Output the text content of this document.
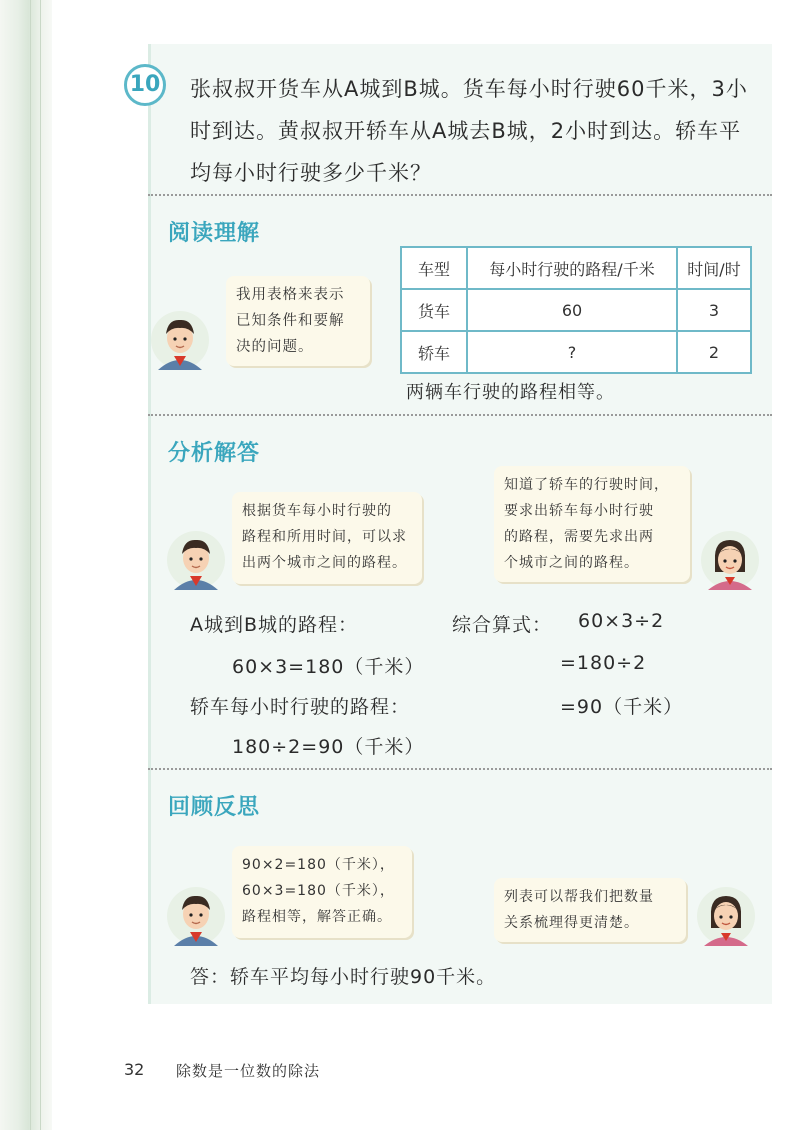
10 张叔叔开货车从A城到B城。货车每小时行驶60千米，3小
时到达。黄叔叔开轿车从A城去B城，2小时到达。轿车平
均每小时行驶多少千米？
阅读理解
我用表格来表示
已知条件和要解
决的问题。
车型	每小时行驶的路程/千米	时间/时
货车	60	3
轿车	?	2
两辆车行驶的路程相等。
分析解答
根据货车每小时行驶的
路程和所用时间，可以求
出两个城市之间的路程。
知道了轿车的行驶时间，
要求出轿车每小时行驶
的路程，需要先求出两
个城市之间的路程。
A城到B城的路程：
60×3=180（千米）
轿车每小时行驶的路程：
180÷2=90（千米）
综合算式： 60×3÷2
=180÷2
=90（千米）
回顾反思
90×2=180（千米），
60×3=180（千米），
路程相等，解答正确。
列表可以帮我们把数量
关系梳理得更清楚。
答：轿车平均每小时行驶90千米。
32 除数是一位数的除法
